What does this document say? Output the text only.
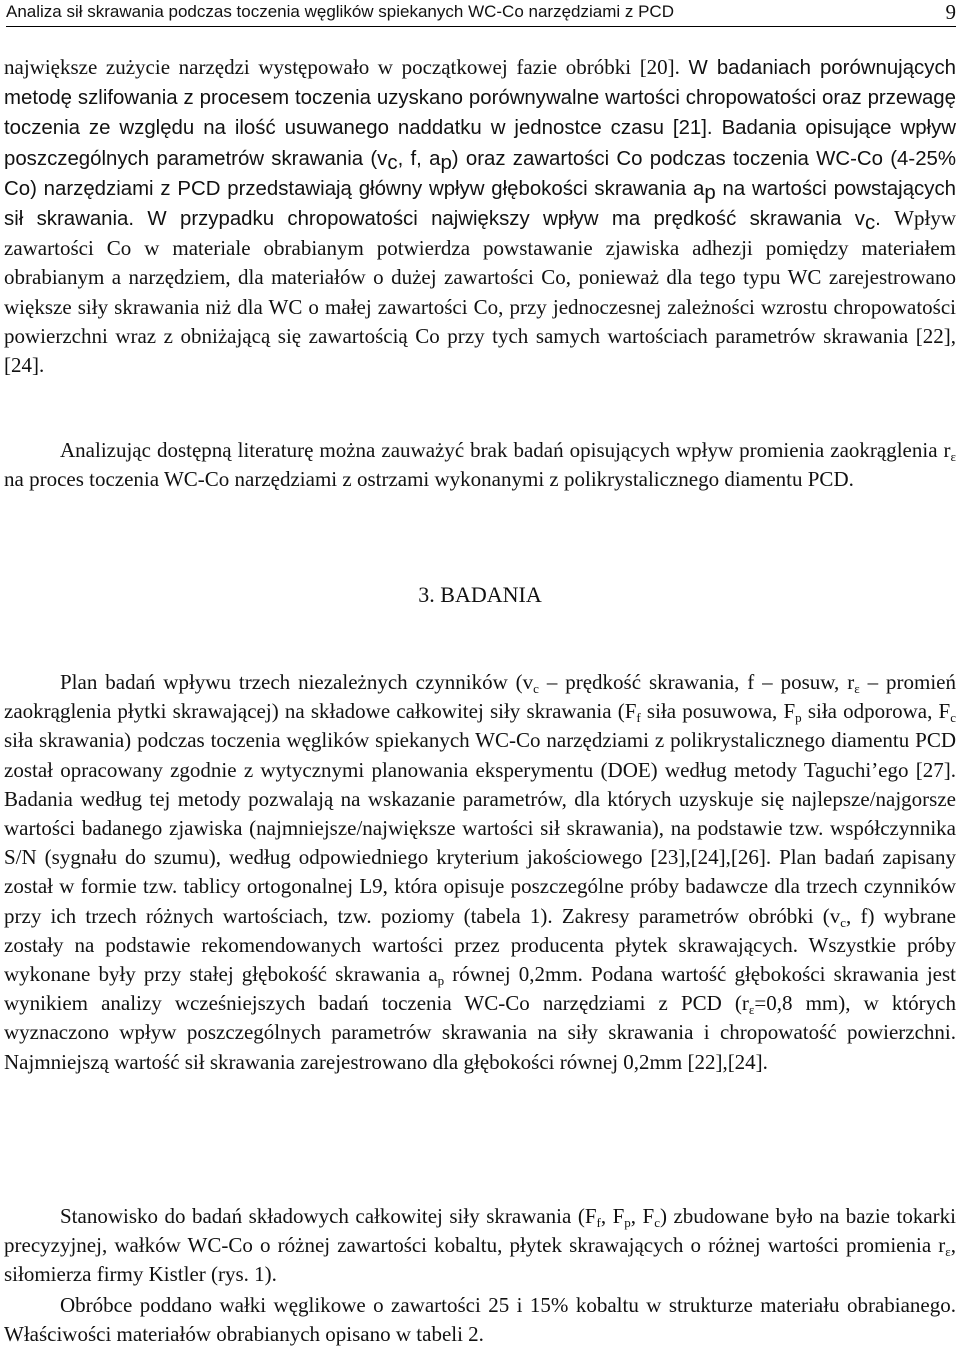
Analiza sił skrawania podczas toczenia węglików spiekanych WC-Co narzędziami z PCD	9
największe zużycie narzędzi występowało w początkowej fazie obróbki [20]. W badaniach porównujących metodę szlifowania z procesem toczenia uzyskano porównywalne wartości chropowatości oraz przewagę toczenia ze względu na ilość usuwanego naddatku w jednostce czasu [21]. Badania opisujące wpływ poszczególnych parametrów skrawania ($v_c$, f, $a_p$) oraz zawartości Co podczas toczenia WC-Co (4-25% Co) narzędziami z PCD przedstawiają główny wpływ głębokości skrawania $a_p$ na wartości powstających sił skrawania. W przypadku chropowatości największy wpływ ma prędkość skrawania $v_c$. Wpływ zawartości Co w materiale obrabianym potwierdza powstawanie zjawiska adhezji pomiędzy materiałem obrabianym a narzędziem, dla materiałów o dużej zawartości Co, ponieważ dla tego typu WC zarejestrowano większe siły skrawania niż dla WC o małej zawartości Co, przy jednoczesnej zależności wzrostu chropowatości powierzchni wraz z obniżającą się zawartością Co przy tych samych wartościach parametrów skrawania [22],[24].
Analizując dostępną literaturę można zauważyć brak badań opisujących wpływ promienia zaokrąglenia $r_\varepsilon$ na proces toczenia WC-Co narzędziami z ostrzami wykonanymi z polikrystalicznego diamentu PCD.
3. BADANIA
Plan badań wpływu trzech niezależnych czynników ($v_c$ – prędkość skrawania, f – posuw, $r_\varepsilon$ – promień zaokrąglenia płytki skrawającej) na składowe całkowitej siły skrawania ($F_f$ siła posuwowa, $F_p$ siła odporowa, $F_c$ siła skrawania) podczas toczenia węglików spiekanych WC-Co narzędziami z polikrystalicznego diamentu PCD został opracowany zgodnie z wytycznymi planowania eksperymentu (DOE) według metody Taguchi’ego [27]. Badania według tej metody pozwalają na wskazanie parametrów, dla których uzyskuje się najlepsze/najgorsze wartości badanego zjawiska (najmniejsze/największe wartości sił skrawania), na podstawie tzw. współczynnika S/N (sygnału do szumu), według odpowiedniego kryterium jakościowego [23],[24],[26]. Plan badań zapisany został w formie tzw. tablicy ortogonalnej L9, która opisuje poszczególne próby badawcze dla trzech czynników przy ich trzech różnych wartościach, tzw. poziomy (tabela 1). Zakresy parametrów obróbki ($v_c$, f) wybrane zostały na podstawie rekomendowanych wartości przez producenta płytek skrawających. Wszystkie próby wykonane były przy stałej głębokość skrawania $a_p$ równej 0,2mm. Podana wartość głębokości skrawania jest wynikiem analizy wcześniejszych badań toczenia WC-Co narzędziami z PCD ($r_\varepsilon=0,8$ mm), w których wyznaczono wpływ poszczególnych parametrów skrawania na siły skrawania i chropowatość powierzchni. Najmniejszą wartość sił skrawania zarejestrowano dla głębokości równej 0,2mm [22],[24].
Stanowisko do badań składowych całkowitej siły skrawania ($F_f$, $F_p$, $F_c$) zbudowane było na bazie tokarki precyzyjnej, wałków WC-Co o różnej zawartości kobaltu, płytek skrawających o różnej wartości promienia $r_\varepsilon$, siłomierza firmy Kistler (rys. 1).
Obróbce poddano wałki węglikowe o zawartości 25 i 15% kobaltu w strukturze materiału obrabianego. Właściwości materiałów obrabianych opisano w tabeli 2.
